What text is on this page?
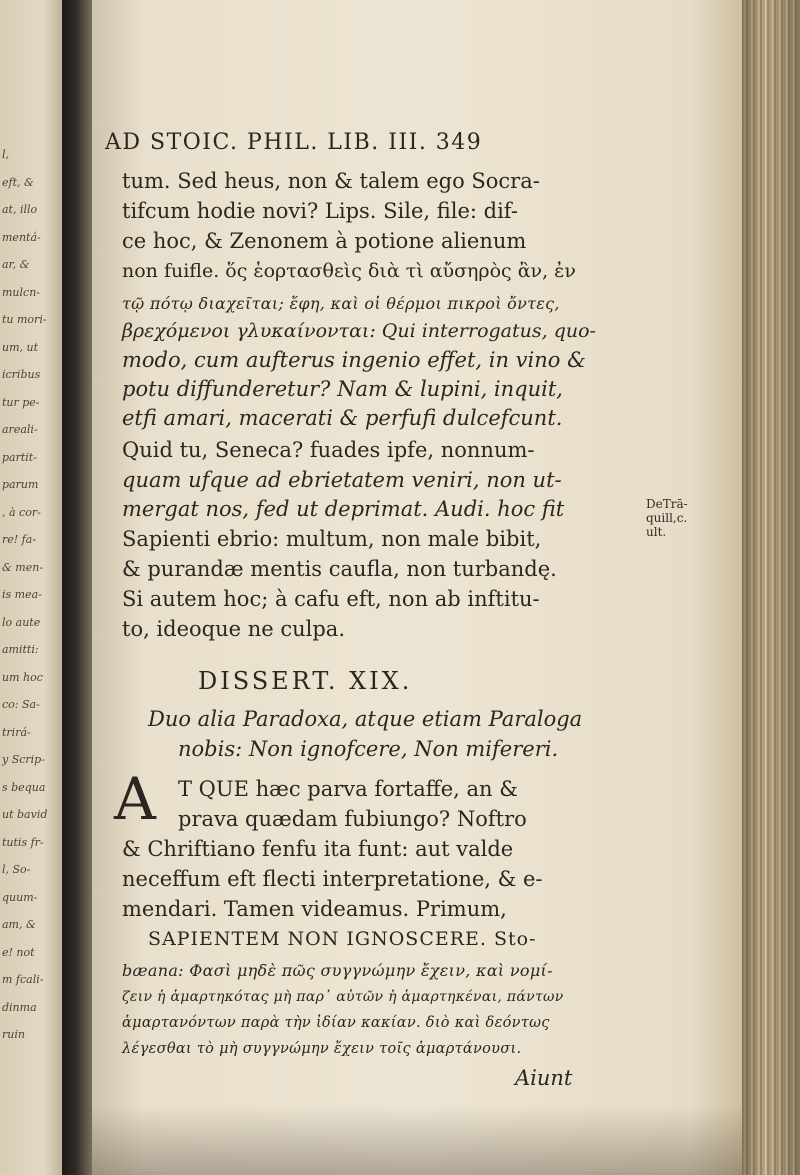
l,
eft, &
at, illo
mentá-
ar, &
mulcn-
tu mori-
um, ut
icribus
tur pe-
areali-
partit-
parum
, à cor-
re! fa-
& men-
is mea-
lo aute
amitti:
um hoc
co: Sa-
trirá-
y Scrip-
s bequa
ut bavid
tutis fr-
l, So-
quum-
am, &
e! not
m fcali-
dinma
ruin
AD STOIC. PHIL. LIB. III. 349
tum. Sed heus, non & talem ego Socra-
tifcum hodie novi? Lips. Sile, file: dif-
ce hoc, & Zenonem à potione alienum
non fuifle. ὅς ἑορτασθεὶς διὰ τὶ αὔσηρὸς ἂν, ἐν
τῷ πότῳ διαχεῖται; ἔφη, καὶ οἱ θέρμοι πικροὶ ὄντες,
βρεχόμενοι γλυκαίνονται: Qui interrogatus, quo-
modo, cum aufterus ingenio effet, in vino &
potu diffunderetur? Nam & lupini, inquit,
etfi amari, macerati & perfufi dulcefcunt.
Quid tu, Seneca? fuades ipfe, nonnum-
quam ufque ad ebrietatem veniri, non ut-
mergat nos, fed ut deprimat. Audi. hoc fit
Sapienti ebrio: multum, non male bibit,
& purandæ mentis caufla, non turbandę.
Si autem hoc; à cafu eft, non ab inftitu-
to, ideoque ne culpa.
DeTrā-
quill,c.
ult.
DISSERT. XIX.
Duo alia Paradoxa, atque etiam Paraloga
nobis: Non ignofcere, Non mifereri.
A T QUE hæc parva fortaffe, an &
prava quædam fubiungo? Noftro
& Chriftiano fenfu ita funt: aut valde
neceffum eft flecti interpretatione, & e-
mendari. Tamen videamus. Primum,
SAPIENTEM NON IGNOSCERE. Sto-
bæana: Φασὶ μηδὲ πῶς συγγνώμην ἔχειν, καὶ νομί-
ζειν ἡ ἁμαρτηκότας μὴ παρ᾽ αὐτῶν ἡ ἁμαρτηκέναι, πάντων
ἁμαρτανόντων παρὰ τὴν ἰδίαν κακίαν. διὸ καὶ δεόντως
λέγεσθαι τὸ μὴ συγγνώμην ἔχειν τοῖς ἁμαρτάνουσι.
Aiunt
